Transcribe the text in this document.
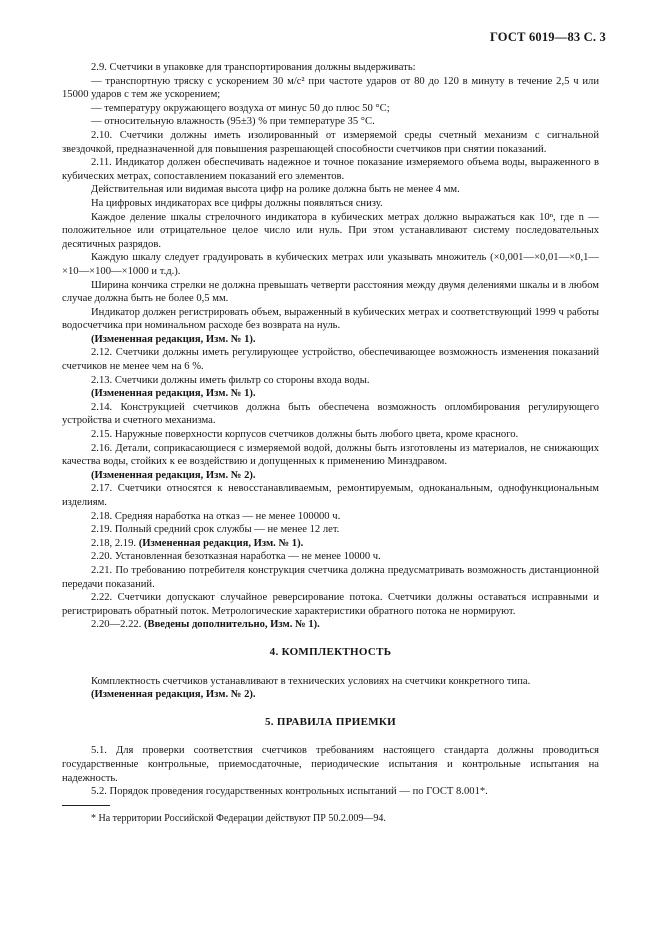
ГОСТ 6019—83 С. 3

2.9. Счетчики в упаковке для транспортирования должны выдерживать:

— транспортную тряску с ускорением 30 м/с² при частоте ударов от 80 до 120 в минуту в течение 2,5 ч или 15000 ударов с тем же ускорением;

— температуру окружающего воздуха от минус 50 до плюс 50 °С;

— относительную влажность (95±3) % при температуре 35 °С.

2.10. Счетчики должны иметь изолированный от измеряемой среды счетный механизм с сигнальной звездочкой, предназначенной для повышения разрешающей способности счетчиков при снятии показаний.

2.11. Индикатор должен обеспечивать надежное и точное показание измеряемого объема воды, выраженного в кубических метрах, сопоставлением показаний его элементов.

Действительная или видимая высота цифр на ролике должна быть не менее 4 мм.

На цифровых индикаторах все цифры должны появляться снизу.

Каждое деление шкалы стрелочного индикатора в кубических метрах должно выражаться как 10ⁿ, где n — положительное или отрицательное целое число или нуль. При этом устанавливают систему последовательных десятичных разрядов.

Каждую шкалу следует градуировать в кубических метрах или указывать множитель (×0,001—×0,01—×0,1—×10—×100—×1000 и т.д.).

Ширина кончика стрелки не должна превышать четверти расстояния между двумя делениями шкалы и в любом случае должна быть не более 0,5 мм.

Индикатор должен регистрировать объем, выраженный в кубических метрах и соответствующий 1999 ч работы водосчетчика при номинальном расходе без возврата на нуль.

(Измененная редакция, Изм. № 1).

2.12. Счетчики должны иметь регулирующее устройство, обеспечивающее возможность изменения показаний счетчиков не менее чем на 6 %.

2.13. Счетчики должны иметь фильтр со стороны входа воды.

(Измененная редакция, Изм. № 1).

2.14. Конструкцией счетчиков должна быть обеспечена возможность опломбирования регулирующего устройства и счетного механизма.

2.15. Наружные поверхности корпусов счетчиков должны быть любого цвета, кроме красного.

2.16. Детали, соприкасающиеся с измеряемой водой, должны быть изготовлены из материалов, не снижающих качества воды, стойких к ее воздействию и допущенных к применению Минздравом.

(Измененная редакция, Изм. № 2).

2.17. Счетчики относятся к невосстанавливаемым, ремонтируемым, одноканальным, однофункциональным изделиям.

2.18. Средняя наработка на отказ — не менее 100000 ч.

2.19. Полный средний срок службы — не менее 12 лет.

2.18, 2.19. (Измененная редакция, Изм. № 1).

2.20. Установленная безотказная наработка — не менее 10000 ч.

2.21. По требованию потребителя конструкция счетчика должна предусматривать возможность дистанционной передачи показаний.

2.22. Счетчики допускают случайное реверсирование потока. Счетчики должны оставаться исправными и регистрировать обратный поток. Метрологические характеристики обратного потока не нормируют.

2.20—2.22. (Введены дополнительно, Изм. № 1).

4. КОМПЛЕКТНОСТЬ

Комплектность счетчиков устанавливают в технических условиях на счетчики конкретного типа.

(Измененная редакция, Изм. № 2).

5. ПРАВИЛА ПРИЕМКИ

5.1. Для проверки соответствия счетчиков требованиям настоящего стандарта должны проводиться государственные контрольные, приемосдаточные, периодические испытания и контрольные испытания на надежность.

5.2. Порядок проведения государственных контрольных испытаний — по ГОСТ 8.001*.

* На территории Российской Федерации действуют ПР 50.2.009—94.
